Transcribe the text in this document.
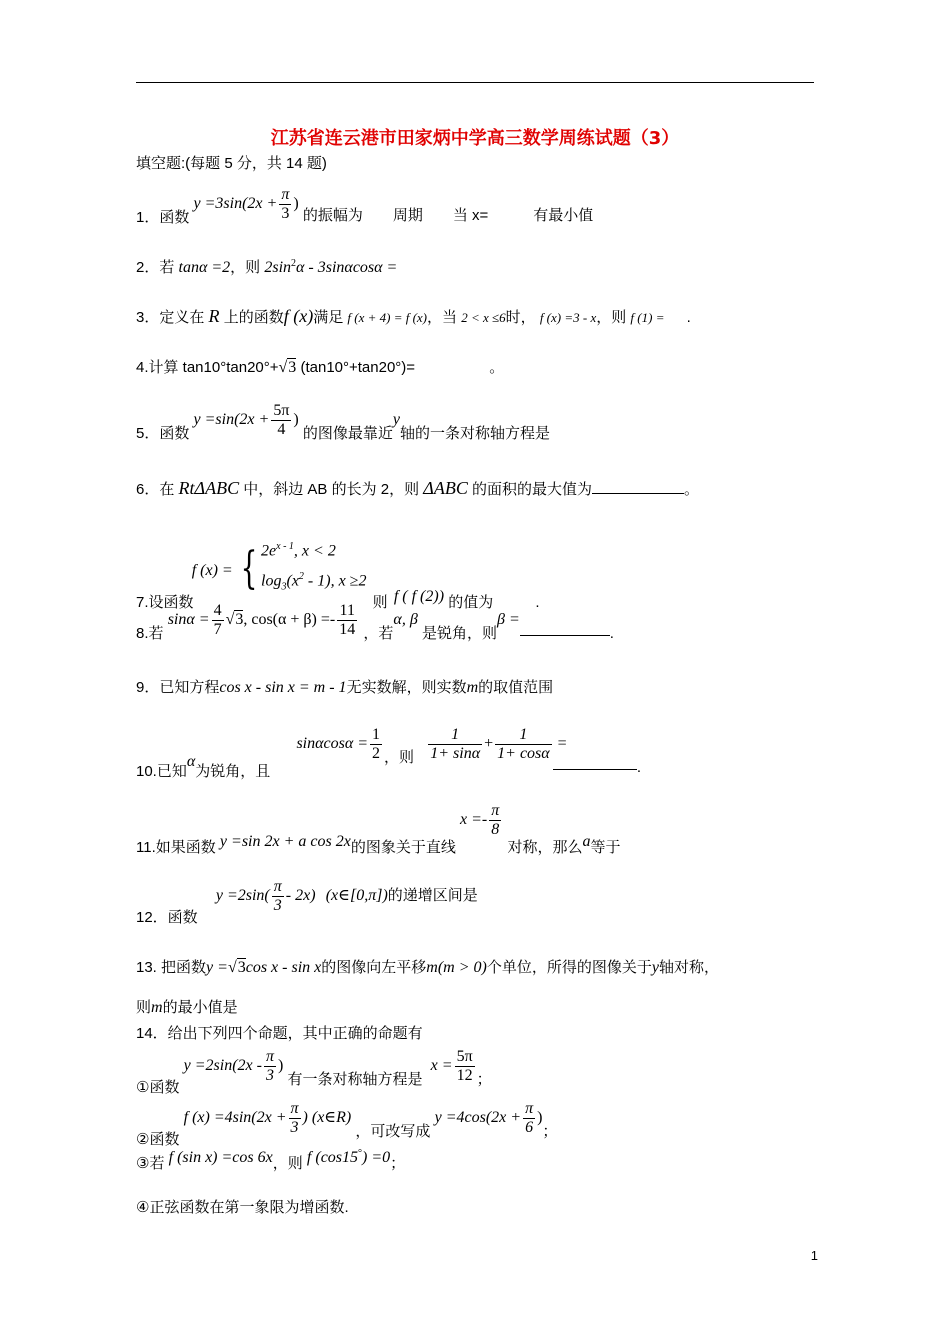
江苏省连云港市田家炳中学高三数学周练试题（3）
填空题:(每题 5 分，共 14 题)
1．函数 $y =3\sin(2x + \frac{\pi}{3}$ ) 的振幅为　　周期　　当 x=　　　有最小值
2．若 tanα =2，则 $2\sin^2\alpha - 3\sin\alpha\cos\alpha$ =
3．定义在 R 上的函数f (x)满足 f (x + 4) = f (x)，当 2 < x ≤6时， f (x) =3 - x，则 f (1) = .
4.计算 tan10°tan20°+√3 (tan10°+tan20°)=	。
5．函数 $y =\sin(2x + \frac{5\pi}{4}$ ) 的图像最靠近y轴的一条对称轴方程是
6．在 RtΔABC 中，斜边 AB 的长为 2，则 ΔABC 的面积的最大值为	。
7.设函数 f (x) = { $2e^{x - 1}$, x < 2
$\log_3(x^2 - 1)$, x ≥2 则 f ( f (2)) 的值为	.
8.若 $\sin\alpha = \frac{4}{7} √3$, $\cos(\alpha + \beta) =- \frac{11}{14}$ ，若α, β 是锐角，则β =.
9．已知方程cos x - sin x = m - 1无实数解，则实数m的取值范围
10.已知α为锐角，且 $\sin\alpha\cos\alpha = \frac{1}{2}$ ，则 $\frac{1}{1+ \sin\alpha} + \frac{1}{1+ \cos\alpha}$ = .
11.如果函数 y =sin 2x + a cos 2x的图象关于直线 $x =- \frac{\pi}{8}$
对称，那么a等于
12．函数 $y =2\sin( \frac{\pi}{3} - 2x)$ (x∈[0,π])的递增区间是
13. 把函数y =√3cos x - sin x的图像向左平移m(m > 0)个单位，所得的图像关于y轴对称，
则m的最小值是
14．给出下列四个命题，其中正确的命题有
①函数 $y =2\sin(2x - \frac{\pi}{3}$ ) 有一条对称轴方程是 $x = \frac{5\pi}{12}$ ；
②函数 f $(x) =4\sin(2x + \frac{\pi}{3}$ ) (x∈R) ，可改写成 $y =4\cos(2x + \frac{\pi}{6}$ )；
③若 f (sin x) =cos 6x，则 f (cos15°) =0；
④正弦函数在第一象限为增函数.
1
